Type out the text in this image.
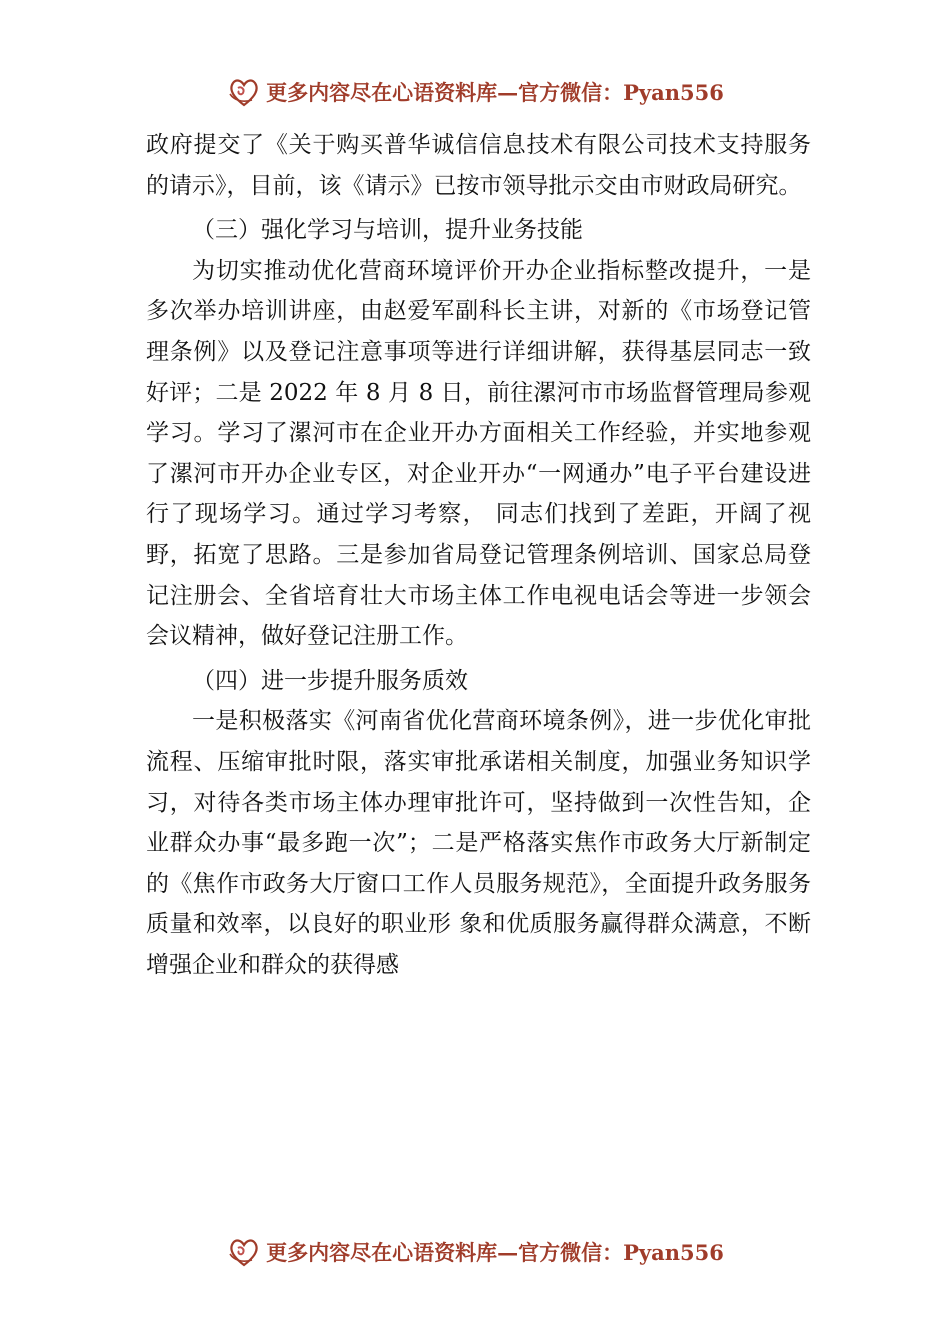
更多内容尽在心语资料库—官方微信：Pyan556

政府提交了《关于购买普华诚信信息技术有限公司技术支持服务的请示》，目前，该《请示》已按市领导批示交由市财政局研究。

（三）强化学习与培训，提升业务技能

为切实推动优化营商环境评价开办企业指标整改提升，一是多次举办培训讲座，由赵爱军副科长主讲，对新的《市场登记管理条例》以及登记注意事项等进行详细讲解，获得基层同志一致好评；二是 2022 年 8 月 8 日，前往漯河市市场监督管理局参观学习。学习了漯河市在企业开办方面相关工作经验，并实地参观了漯河市开办企业专区，对企业开办“一网通办”电子平台建设进行了现场学习。通过学习考察， 同志们找到了差距，开阔了视野，拓宽了思路。三是参加省局登记管理条例培训、国家总局登记注册会、全省培育壮大市场主体工作电视电话会等进一步领会会议精神，做好登记注册工作。

（四）进一步提升服务质效

一是积极落实《河南省优化营商环境条例》，进一步优化审批流程、压缩审批时限，落实审批承诺相关制度，加强业务知识学习，对待各类市场主体办理审批许可，坚持做到一次性告知，企业群众办事“最多跑一次”；二是严格落实焦作市政务大厅新制定的《焦作市政务大厅窗口工作人员服务规范》，全面提升政务服务质量和效率，以良好的职业形 象和优质服务赢得群众满意，不断增强企业和群众的获得感

更多内容尽在心语资料库—官方微信：Pyan556
